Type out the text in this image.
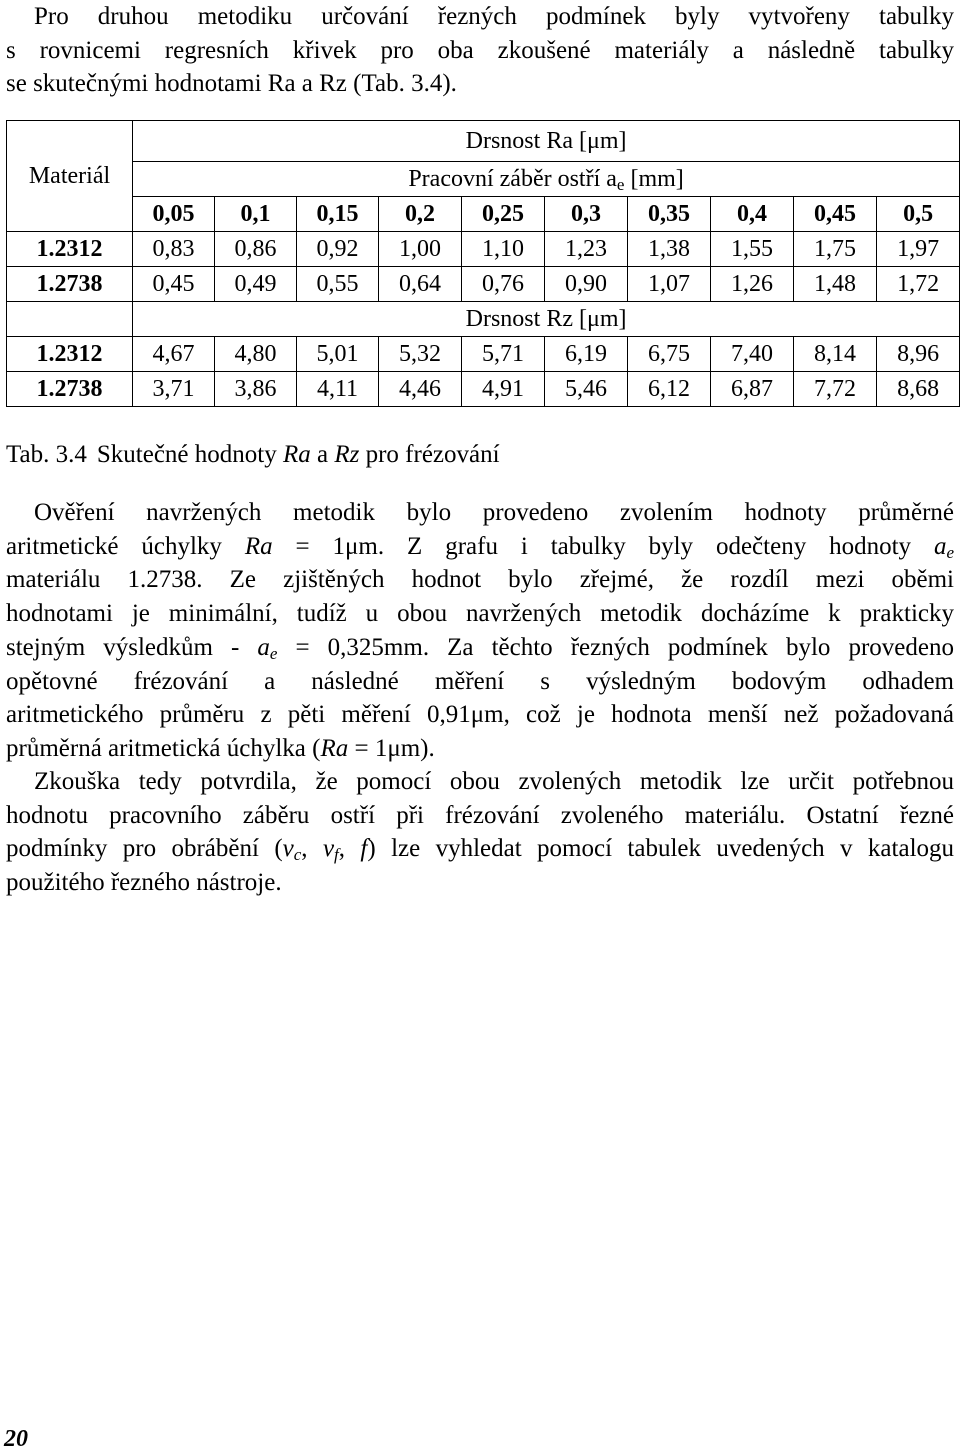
Pro druhou metodiku určování řezných podmínek byly vytvořeny tabulky
s rovnicemi regresních křivek pro oba zkoušené materiály a následně tabulky
se skutečnými hodnotami Ra a Rz (Tab. 3.4).

Materiál	Drsnost Ra [μm]									
	Pracovní záběr ostří $a_e$ [mm]									
	0,05	0,1	0,15	0,2	0,25	0,3	0,35	0,4	0,45	0,5
1.2312	0,83	0,86	0,92	1,00	1,10	1,23	1,38	1,55	1,75	1,97
1.2738	0,45	0,49	0,55	0,64	0,76	0,90	1,07	1,26	1,48	1,72
	Drsnost Rz [μm]									
1.2312	4,67	4,80	5,01	5,32	5,71	6,19	6,75	7,40	8,14	8,96
1.2738	3,71	3,86	4,11	4,46	4,91	5,46	6,12	6,87	7,72	8,68

Tab. 3.4 Skutečné hodnoty Ra a Rz pro frézování

Ověření navržených metodik bylo provedeno zvolením hodnoty průměrné
aritmetické úchylky Ra = 1μm. Z grafu i tabulky byly odečteny hodnoty $a_e$
materiálu 1.2738. Ze zjištěných hodnot bylo zřejmé, že rozdíl mezi oběmi
hodnotami je minimální, tudíž u obou navržených metodik docházíme k prakticky
stejným výsledkům - $a_e = 0,325mm$. Za těchto řezných podmínek bylo provedeno
opětovné frézování a následné měření s výsledným bodovým odhadem
aritmetického průměru z pěti měření 0,91μm, což je hodnota menší než požadovaná
průměrná aritmetická úchylka (Ra = 1μm).

Zkouška tedy potvrdila, že pomocí obou zvolených metodik lze určit potřebnou
hodnotu pracovního záběru ostří při frézování zvoleného materiálu. Ostatní řezné
podmínky pro obrábění ($v_c$, $v_f$, f) lze vyhledat pomocí tabulek uvedených v katalogu
použitého řezného nástroje.

20
